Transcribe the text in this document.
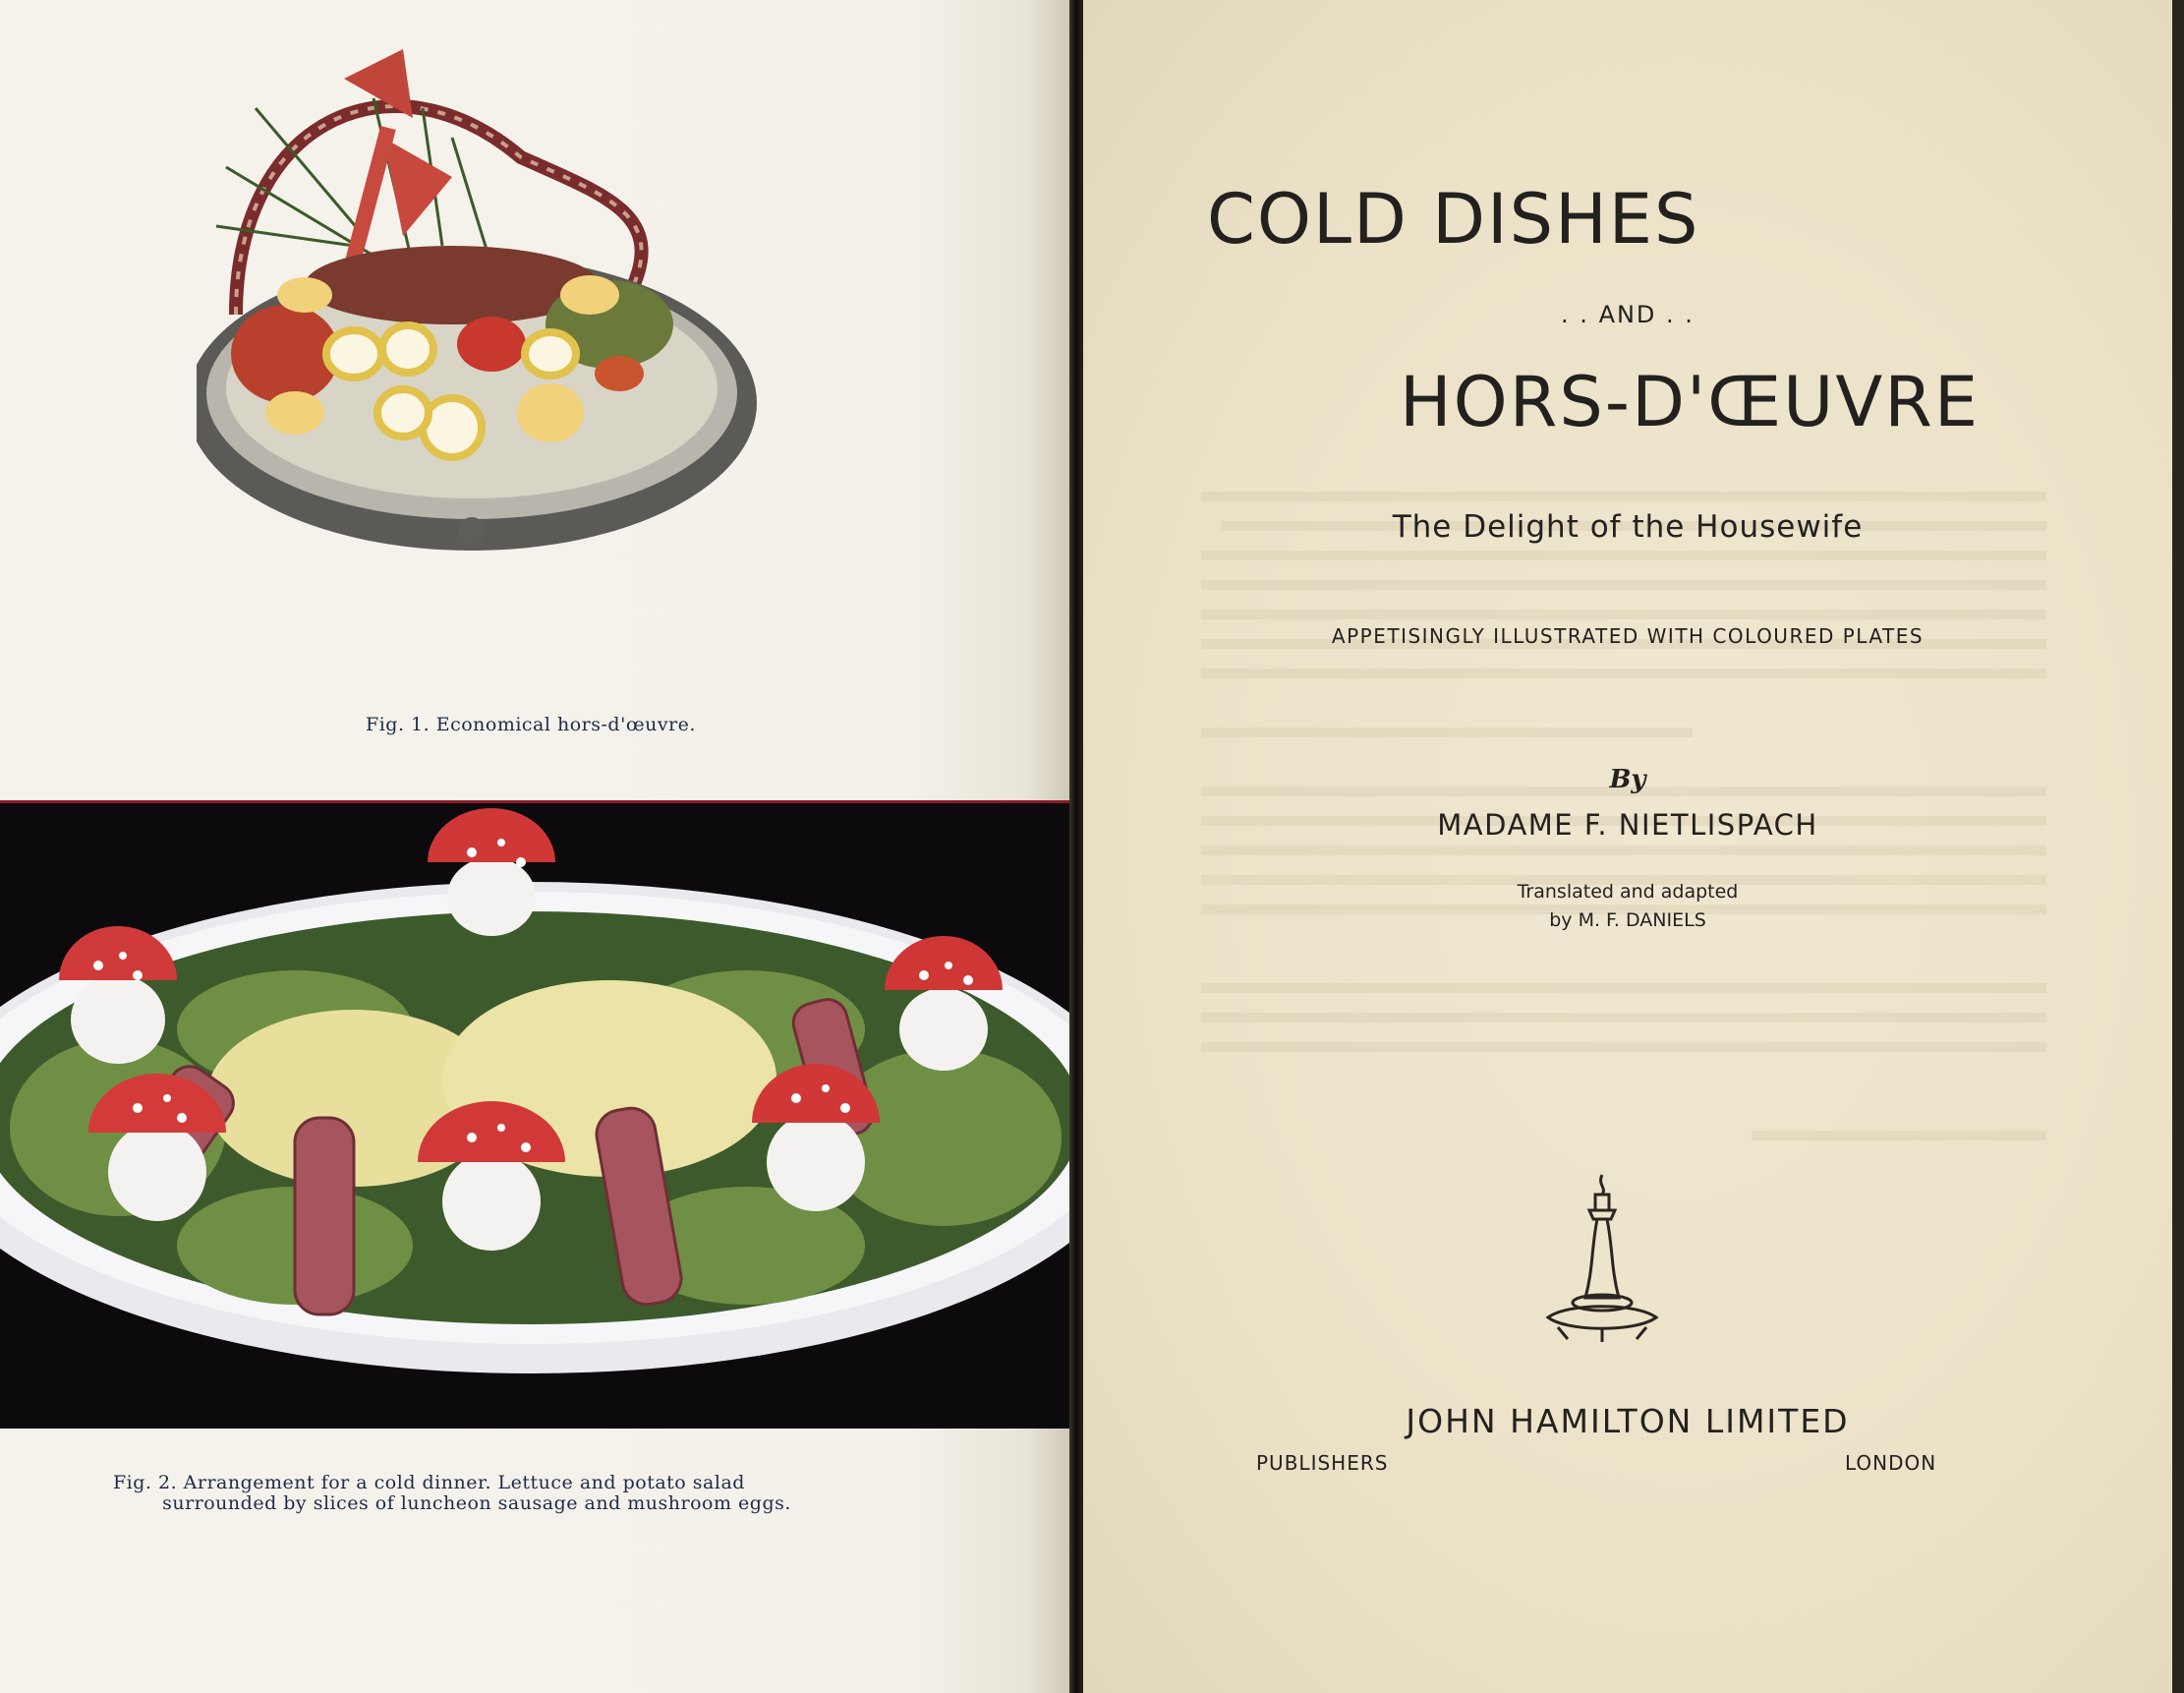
Fig. 1. Economical hors-d'œuvre.
Fig. 2. Arrangement for a cold dinner. Lettuce and potato salad
surrounded by slices of luncheon sausage and mushroom eggs.
COLD DISHES
. . AND . .
HORS-D'ŒUVRE
The Delight of the Housewife
APPETISINGLY ILLUSTRATED WITH COLOURED PLATES
By
MADAME F. NIETLISPACH
Translated and adapted
by M. F. DANIELS
JOHN HAMILTON LIMITED
PUBLISHERS	LONDON
